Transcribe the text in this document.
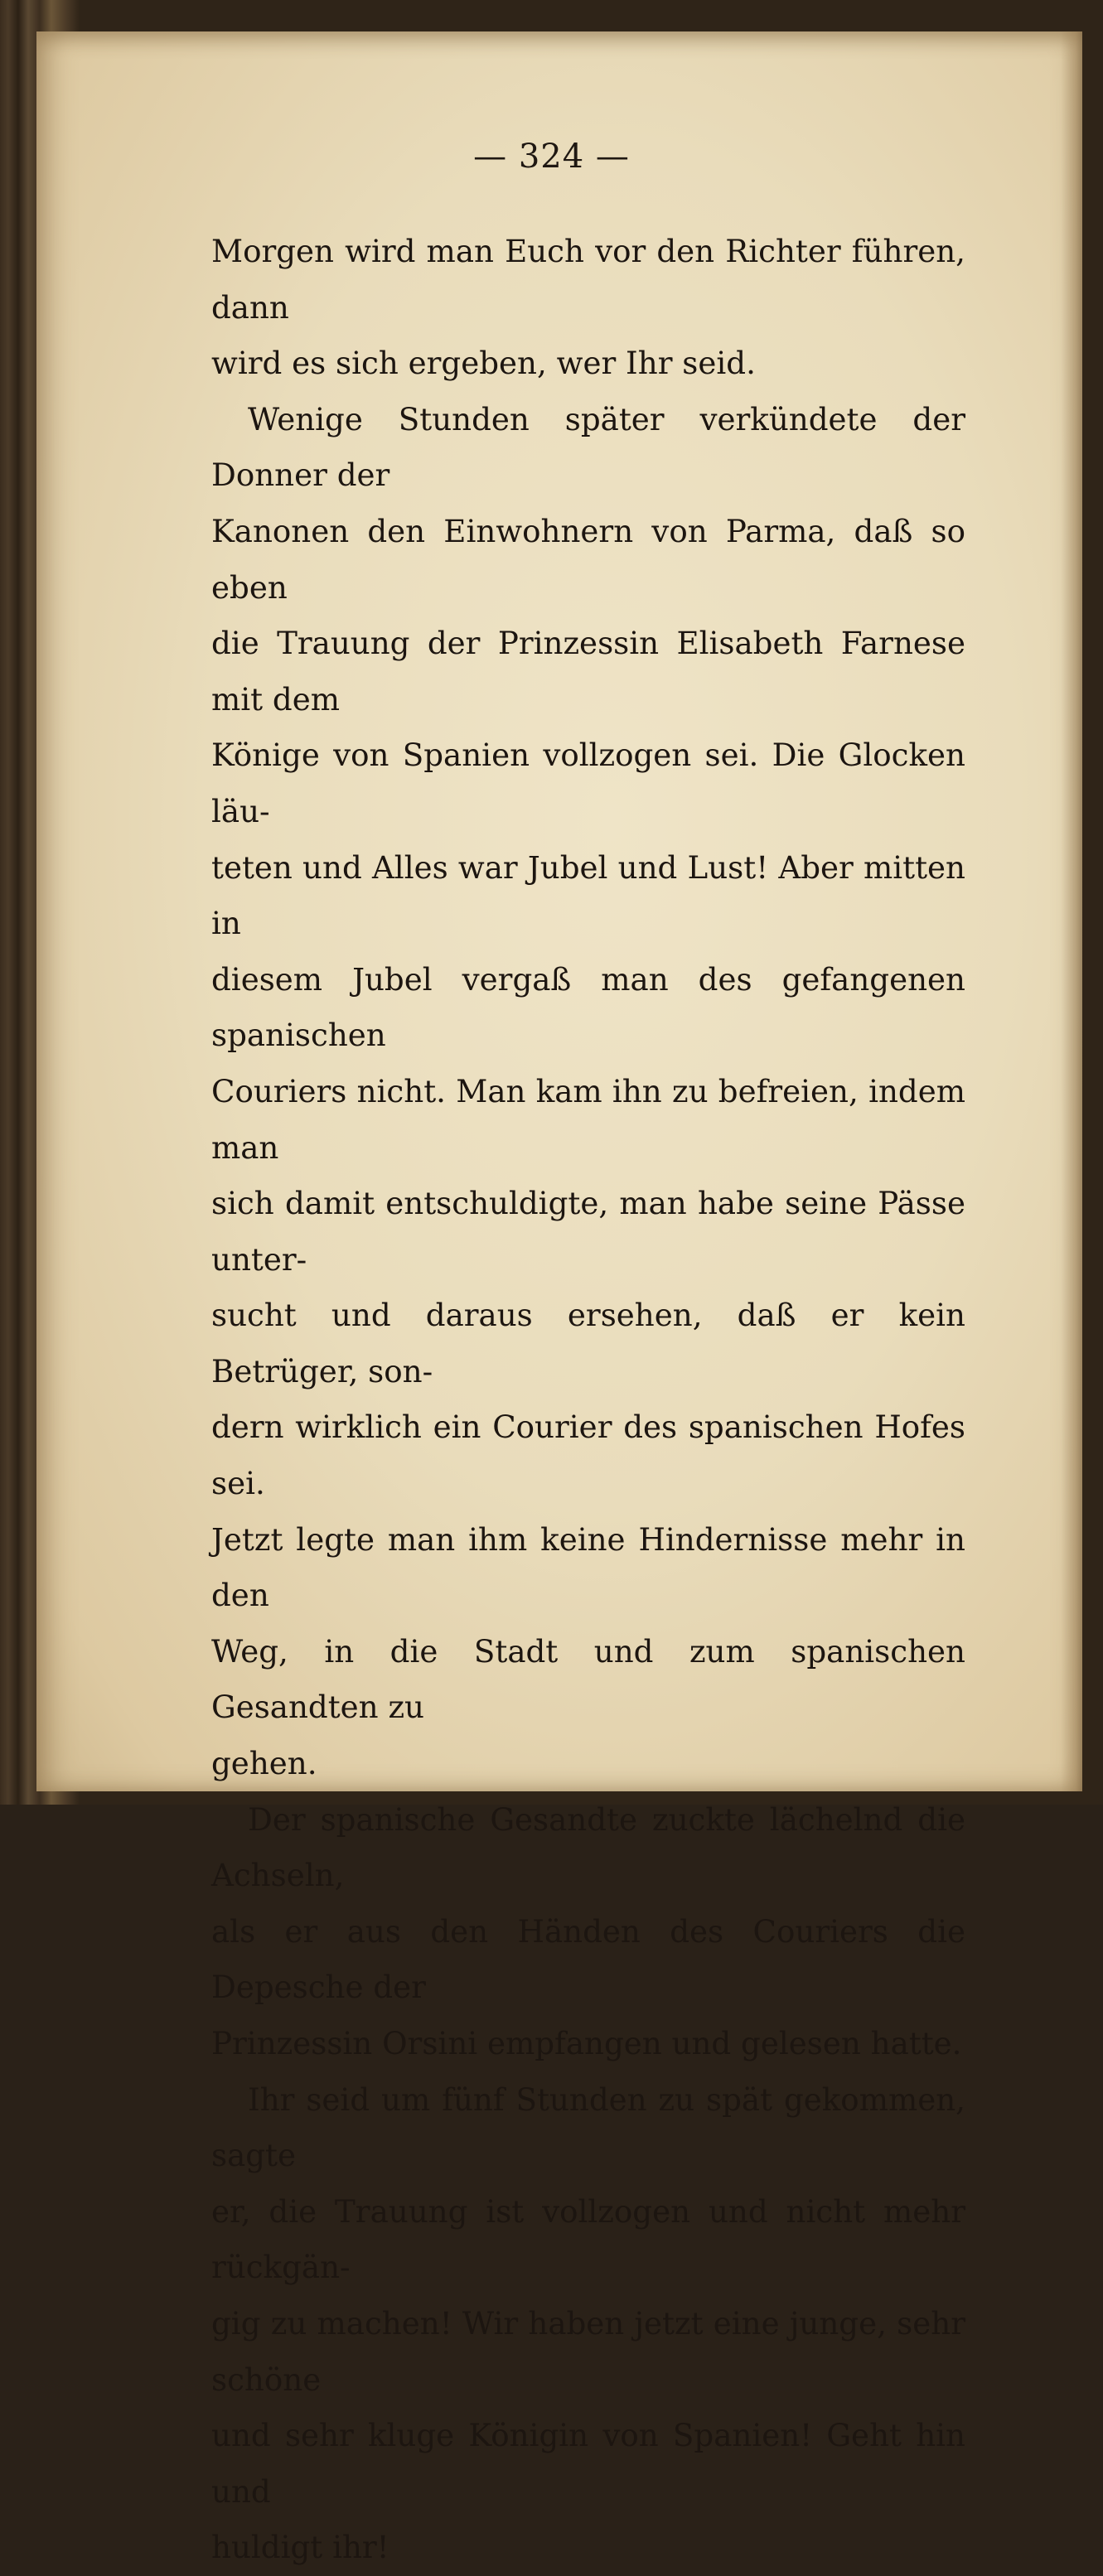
— 324 —

Morgen wird man Euch vor den Richter führen, dann
wird es sich ergeben, wer Ihr seid.

Wenige Stunden später verkündete der Donner der
Kanonen den Einwohnern von Parma, daß so eben
die Trauung der Prinzessin Elisabeth Farnese mit dem
Könige von Spanien vollzogen sei. Die Glocken läu-
teten und Alles war Jubel und Lust! Aber mitten in
diesem Jubel vergaß man des gefangenen spanischen
Couriers nicht. Man kam ihn zu befreien, indem man
sich damit entschuldigte, man habe seine Pässe unter-
sucht und daraus ersehen, daß er kein Betrüger, son-
dern wirklich ein Courier des spanischen Hofes sei.
Jetzt legte man ihm keine Hindernisse mehr in den
Weg, in die Stadt und zum spanischen Gesandten zu
gehen.

Der spanische Gesandte zuckte lächelnd die Achseln,
als er aus den Händen des Couriers die Depesche der
Prinzessin Orsini empfangen und gelesen hatte.

Ihr seid um fünf Stunden zu spät gekommen, sagte
er, die Trauung ist vollzogen und nicht mehr rückgän-
gig zu machen! Wir haben jetzt eine junge, sehr schöne
und sehr kluge Königin von Spanien! Geht hin und
huldigt ihr!
